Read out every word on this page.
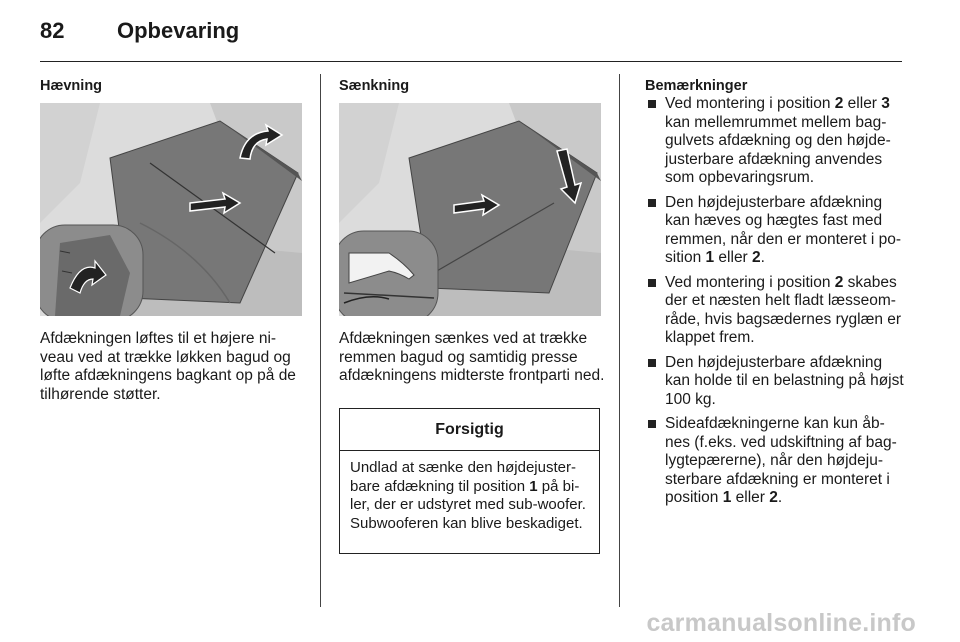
82 Opbevaring
Hævning
Afdækningen løftes til et højere ni-veau ved at trække løkken bagud og løfte afdækningens bagkant op på de tilhørende støtter.
Sænkning
Afdækningen sænkes ved at trække remmen bagud og samtidig presse afdækningens midterste frontparti ned.
Forsigtig
Undlad at sænke den højdejuster-bare afdækning til position 1 på bi-ler, der er udstyret med sub-woofer. Subwooferen kan blive beskadiget.
Bemærkninger
Ved montering i position 2 eller 3 kan mellemrummet mellem bag-gulvets afdækning og den højde-justerbare afdækning anvendes som opbevaringsrum.
Den højdejusterbare afdækning kan hæves og hægtes fast med remmen, når den er monteret i po-sition 1 eller 2.
Ved montering i position 2 skabes der et næsten helt fladt læsseom-råde, hvis bagsædernes ryglæn er klappet frem.
Den højdejusterbare afdækning kan holde til en belastning på højst 100 kg.
Sideafdækningerne kan kun åb-nes (f.eks. ved udskiftning af bag-lygtepærerne), når den højdeju-sterbare afdækning er monteret i position 1 eller 2.
carmanualsonline.info
